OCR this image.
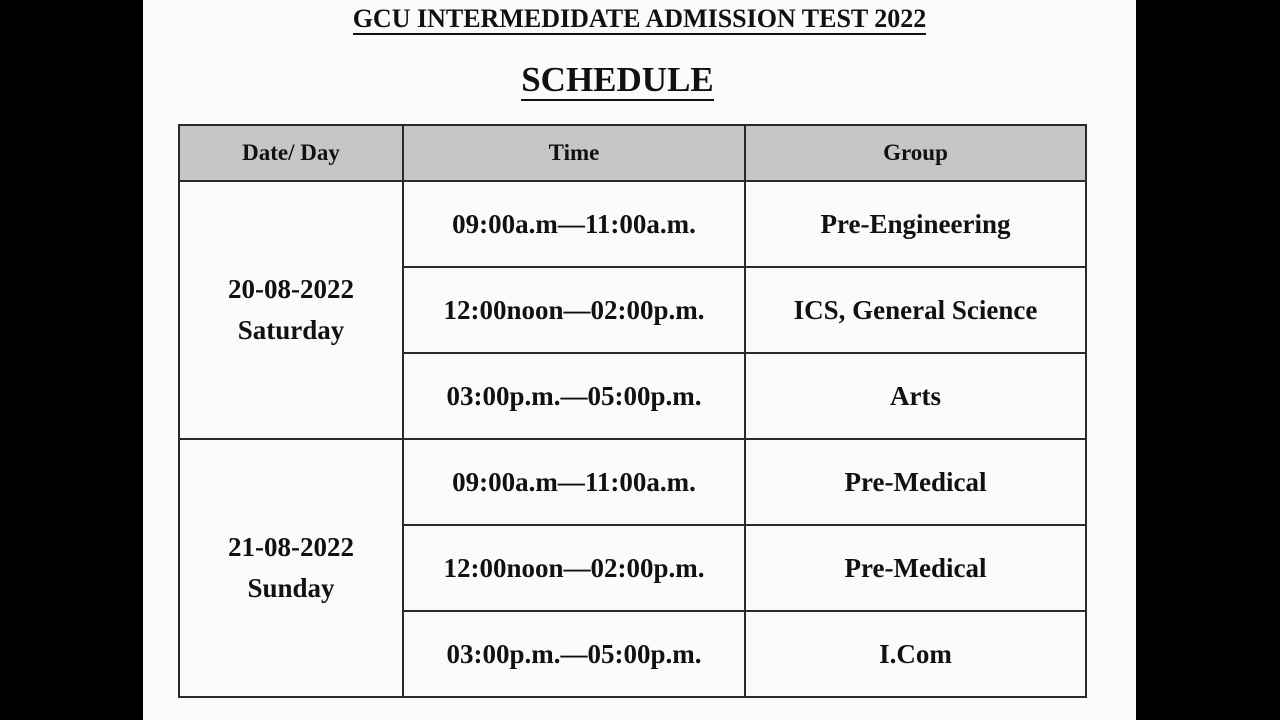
GCU INTERMEDIDATE ADMISSION TEST 2022
SCHEDULE
Date/ Day	Time	Group

20-08-2022
Saturday	09:00a.m—11:00a.m.	Pre-Engineering
	12:00noon—02:00p.m.	ICS, General Science
	03:00p.m.—05:00p.m.	Arts

21-08-2022
Sunday	09:00a.m—11:00a.m.	Pre-Medical
	12:00noon—02:00p.m.	Pre-Medical
	03:00p.m.—05:00p.m.	I.Com
